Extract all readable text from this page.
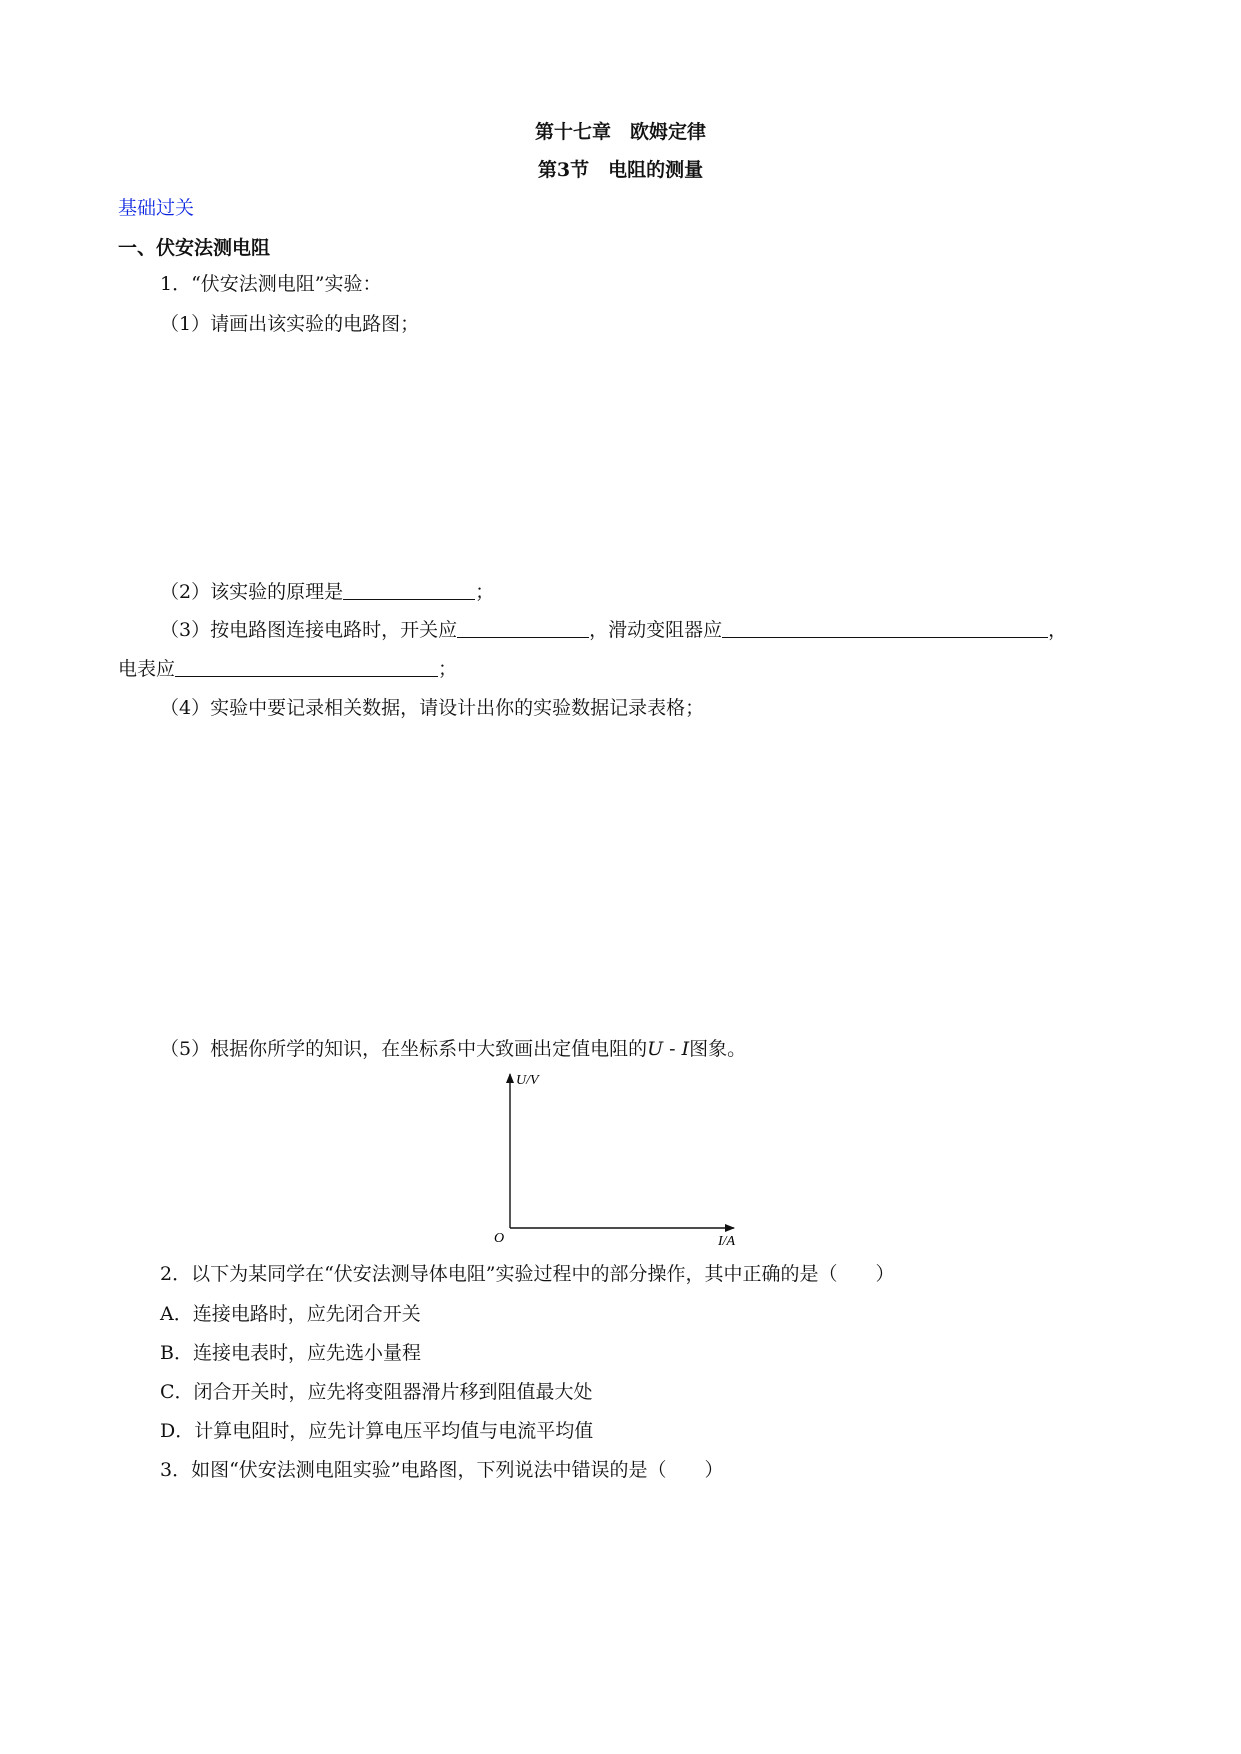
第十七章　欧姆定律
第3节　电阻的测量
基础过关
一、伏安法测电阻
1．“伏安法测电阻”实验：
（1）请画出该实验的电路图；
（2）该实验的原理是	；
（3）按电路图连接电路时，开关应	，滑动变阻器应	，
电表应	；
（4）实验中要记录相关数据，请设计出你的实验数据记录表格；
（5）根据你所学的知识，在坐标系中大致画出定值电阻的U - I图象。
U/V
I/A
O
2．以下为某同学在“伏安法测导体电阻”实验过程中的部分操作，其中正确的是（　　）
A．连接电路时，应先闭合开关
B．连接电表时，应先选小量程
C．闭合开关时，应先将变阻器滑片移到阻值最大处
D．计算电阻时，应先计算电压平均值与电流平均值
3．如图“伏安法测电阻实验”电路图，下列说法中错误的是（　　）
